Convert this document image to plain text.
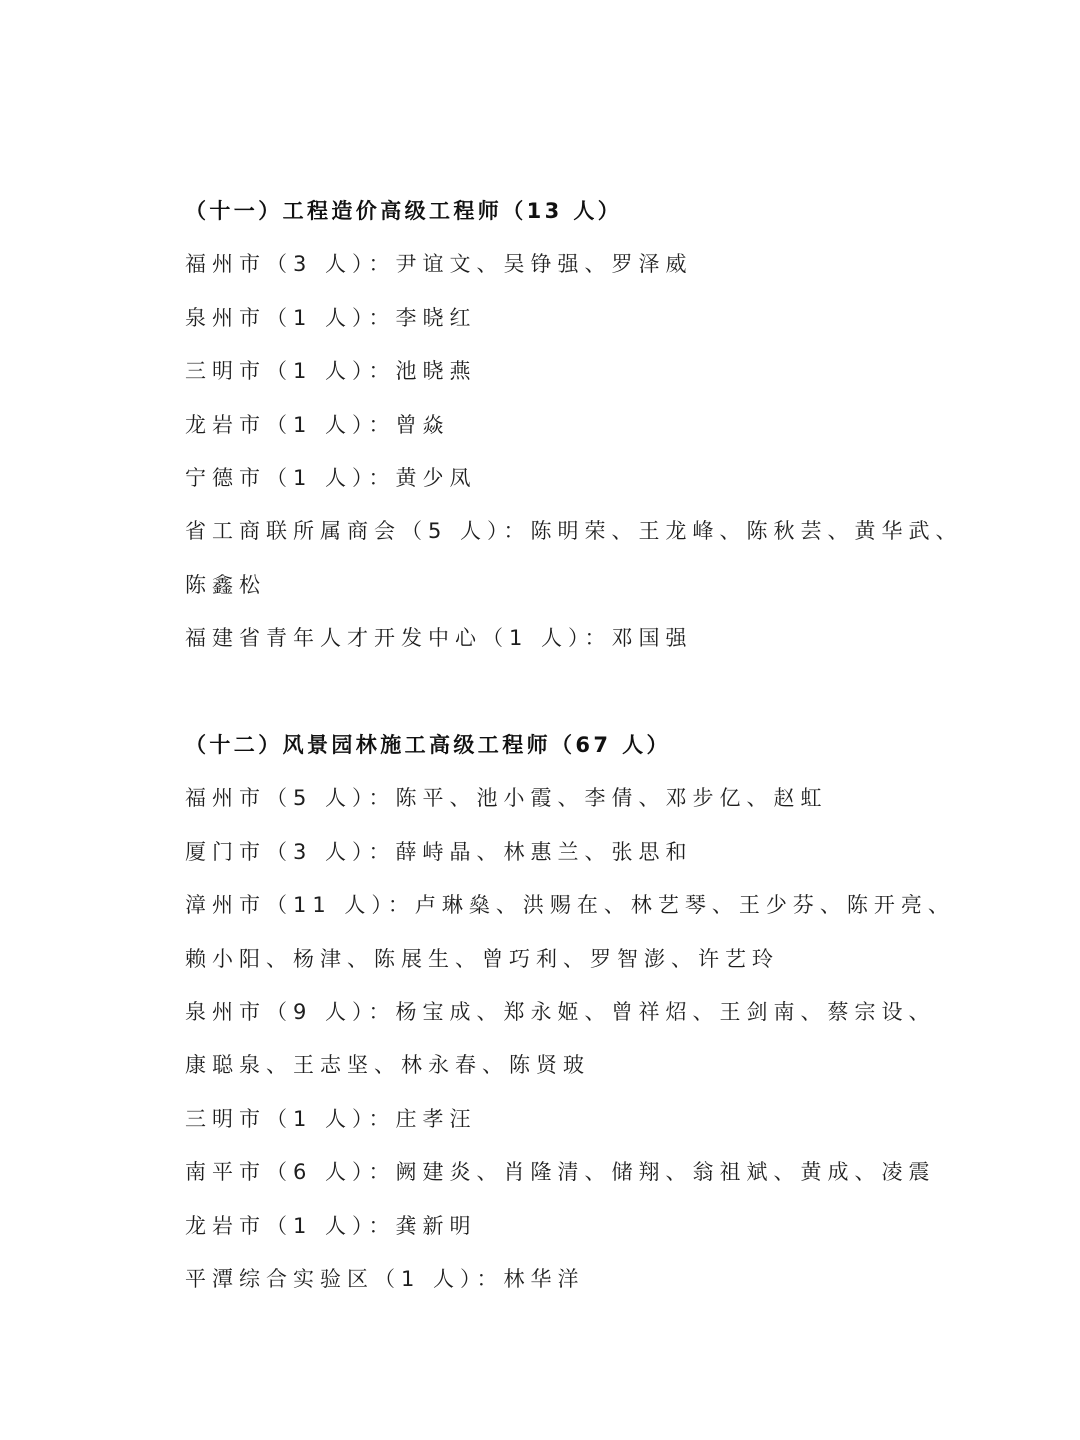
（十一）工程造价高级工程师（13 人）
福州市（3 人）：尹谊文、吴铮强、罗泽威
泉州市（1 人）：李晓红
三明市（1 人）：池晓燕
龙岩市（1 人）：曾焱
宁德市（1 人）：黄少凤
省工商联所属商会（5 人）：陈明荣、王龙峰、陈秋芸、黄华武、
陈鑫松
福建省青年人才开发中心（1 人）：邓国强
（十二）风景园林施工高级工程师（67 人）
福州市（5 人）：陈平、池小霞、李倩、邓步亿、赵虹
厦门市（3 人）：薛峙晶、林惠兰、张思和
漳州市（11 人）：卢琳燊、洪赐在、林艺琴、王少芬、陈开亮、
赖小阳、杨津、陈展生、曾巧利、罗智澎、许艺玲
泉州市（9 人）：杨宝成、郑永姬、曾祥炤、王剑南、蔡宗设、
康聪泉、王志坚、林永春、陈贤玻
三明市（1 人）：庄孝汪
南平市（6 人）：阙建炎、肖隆清、储翔、翁祖斌、黄成、凌震
龙岩市（1 人）：龚新明
平潭综合实验区（1 人）：林华洋
